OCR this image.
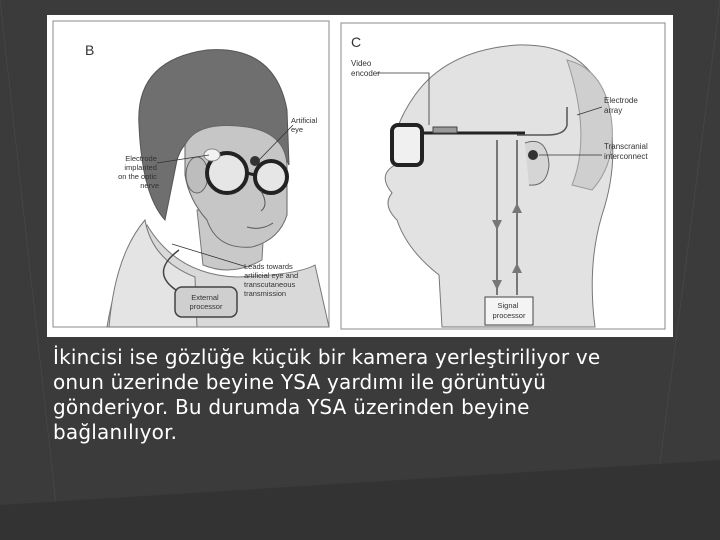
B
Artificial eye
Electrode implanted on the optic nerve
Leads towards artificial eye and transcutaneous transmission
External processor
C
Video encoder
Electrode array
Transcranial interconnect
Signal processor
İkincisi ise gözlüğe küçük bir kamera yerleştiriliyor ve
onun üzerinde beyine YSA yardımı ile görüntüyü
gönderiyor. Bu durumda YSA üzerinden beyine
bağlanılıyor.
